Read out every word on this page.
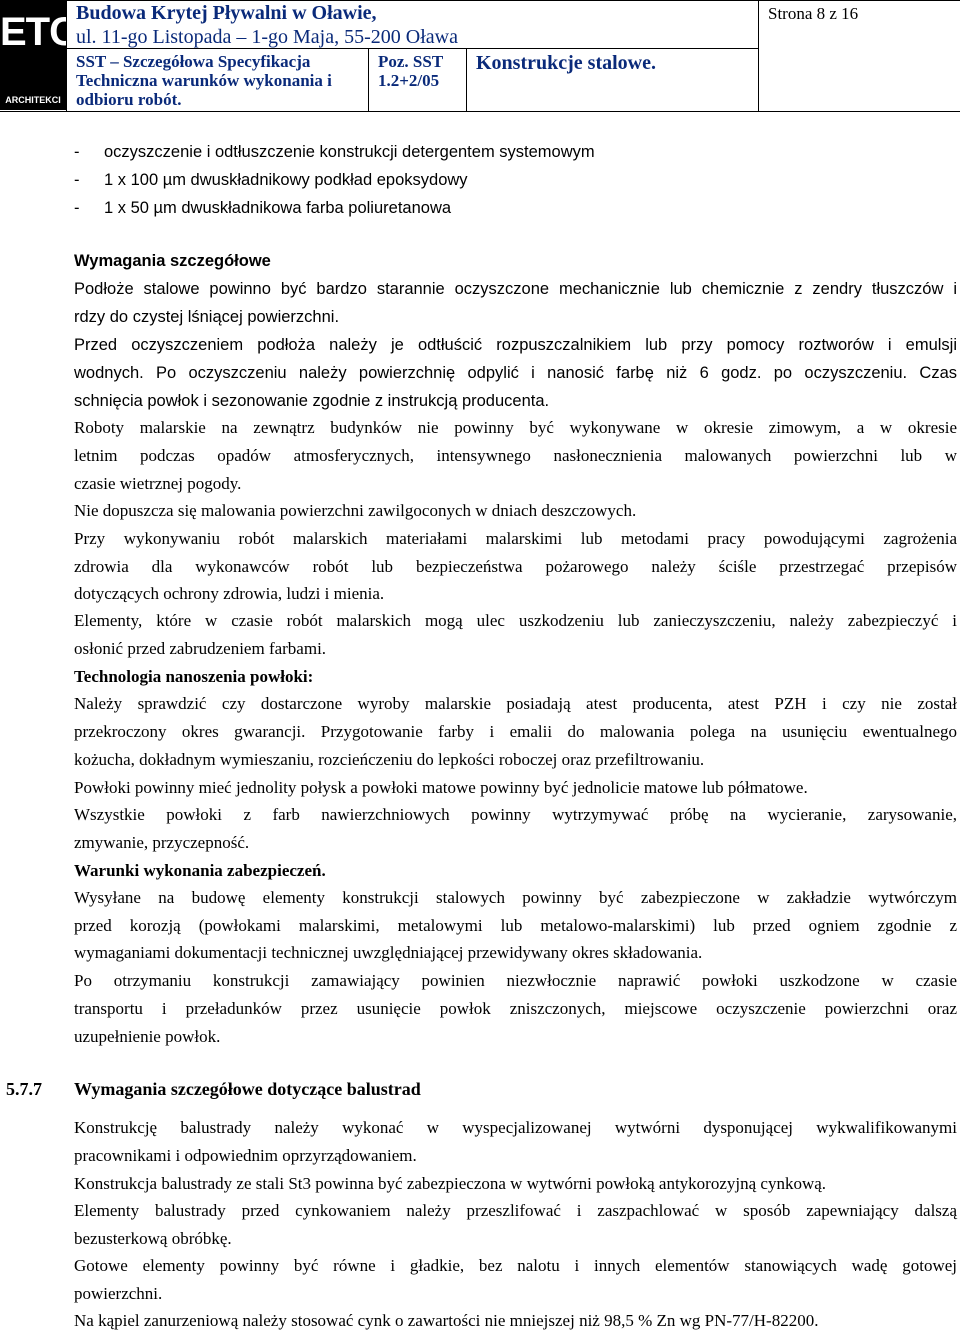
ETC
ARCHITEKCI
Budowa Krytej Pływalni w Oławie,
ul. 11-go Listopada – 1-go Maja, 55-200 Oława
SST – Szczegółowa Specyfikacja
Techniczna warunków wykonania i
odbioru robót.
Poz. SST
1.2+2/05
Konstrukcje stalowe.
Strona 8 z 16
- oczyszczenie i odtłuszczenie konstrukcji detergentem systemowym
- 1 x 100 µm dwuskładnikowy podkład epoksydowy
- 1 x 50 µm dwuskładnikowa farba poliuretanowa
Wymagania szczegółowe
Podłoże stalowe powinno być bardzo starannie oczyszczone mechanicznie lub chemicznie z zendry tłuszczów i
rdzy do czystej lśniącej powierzchni.
Przed oczyszczeniem podłoża należy je odtłuścić rozpuszczalnikiem lub przy pomocy roztworów i emulsji
wodnych. Po oczyszczeniu należy powierzchnię odpylić i nanosić farbę niż 6 godz. po oczyszczeniu. Czas
schnięcia powłok i sezonowanie zgodnie z instrukcją producenta.
Roboty malarskie na zewnątrz budynków nie powinny być wykonywane w okresie zimowym, a w okresie
letnim podczas opadów atmosferycznych, intensywnego nasłonecznienia malowanych powierzchni lub w
czasie wietrznej pogody.
Nie dopuszcza się malowania powierzchni zawilgoconych w dniach deszczowych.
Przy wykonywaniu robót malarskich materiałami malarskimi lub metodami pracy powodującymi zagrożenia
zdrowia dla wykonawców robót lub bezpieczeństwa pożarowego należy ściśle przestrzegać przepisów
dotyczących ochrony zdrowia, ludzi i mienia.
Elementy, które w czasie robót malarskich mogą ulec uszkodzeniu lub zanieczyszczeniu, należy zabezpieczyć i
osłonić przed zabrudzeniem farbami.
Technologia nanoszenia powłoki:
Należy sprawdzić czy dostarczone wyroby malarskie posiadają atest producenta, atest PZH i czy nie został
przekroczony okres gwarancji. Przygotowanie farby i emalii do malowania polega na usunięciu ewentualnego
kożucha, dokładnym wymieszaniu, rozcieńczeniu do lepkości roboczej oraz przefiltrowaniu.
Powłoki powinny mieć jednolity połysk a powłoki matowe powinny być jednolicie matowe lub półmatowe.
Wszystkie powłoki z farb nawierzchniowych powinny wytrzymywać próbę na wycieranie, zarysowanie,
zmywanie, przyczepność.
Warunki wykonania zabezpieczeń.
Wysyłane na budowę elementy konstrukcji stalowych powinny być zabezpieczone w zakładzie wytwórczym
przed korozją (powłokami malarskimi, metalowymi lub metalowo-malarskimi) lub przed ogniem zgodnie z
wymaganiami dokumentacji technicznej uwzględniającej przewidywany okres składowania.
Po otrzymaniu konstrukcji zamawiający powinien niezwłocznie naprawić powłoki uszkodzone w czasie
transportu i przeładunków przez usunięcie powłok zniszczonych, miejscowe oczyszczenie powierzchni oraz
uzupełnienie powłok.
5.7.7 Wymagania szczegółowe dotyczące balustrad
Konstrukcję balustrady należy wykonać w wyspecjalizowanej wytwórni dysponującej wykwalifikowanymi
pracownikami i odpowiednim oprzyrządowaniem.
Konstrukcja balustrady ze stali St3 powinna być zabezpieczona w wytwórni powłoką antykorozyjną cynkową.
Elementy balustrady przed cynkowaniem należy przeszlifować i zaszpachlować w sposób zapewniający dalszą
bezusterkową obróbkę.
Gotowe elementy powinny być równe i gładkie, bez nalotu i innych elementów stanowiących wadę gotowej
powierzchni.
Na kąpiel zanurzeniową należy stosować cynk o zawartości nie mniejszej niż 98,5 % Zn wg PN-77/H-82200.
